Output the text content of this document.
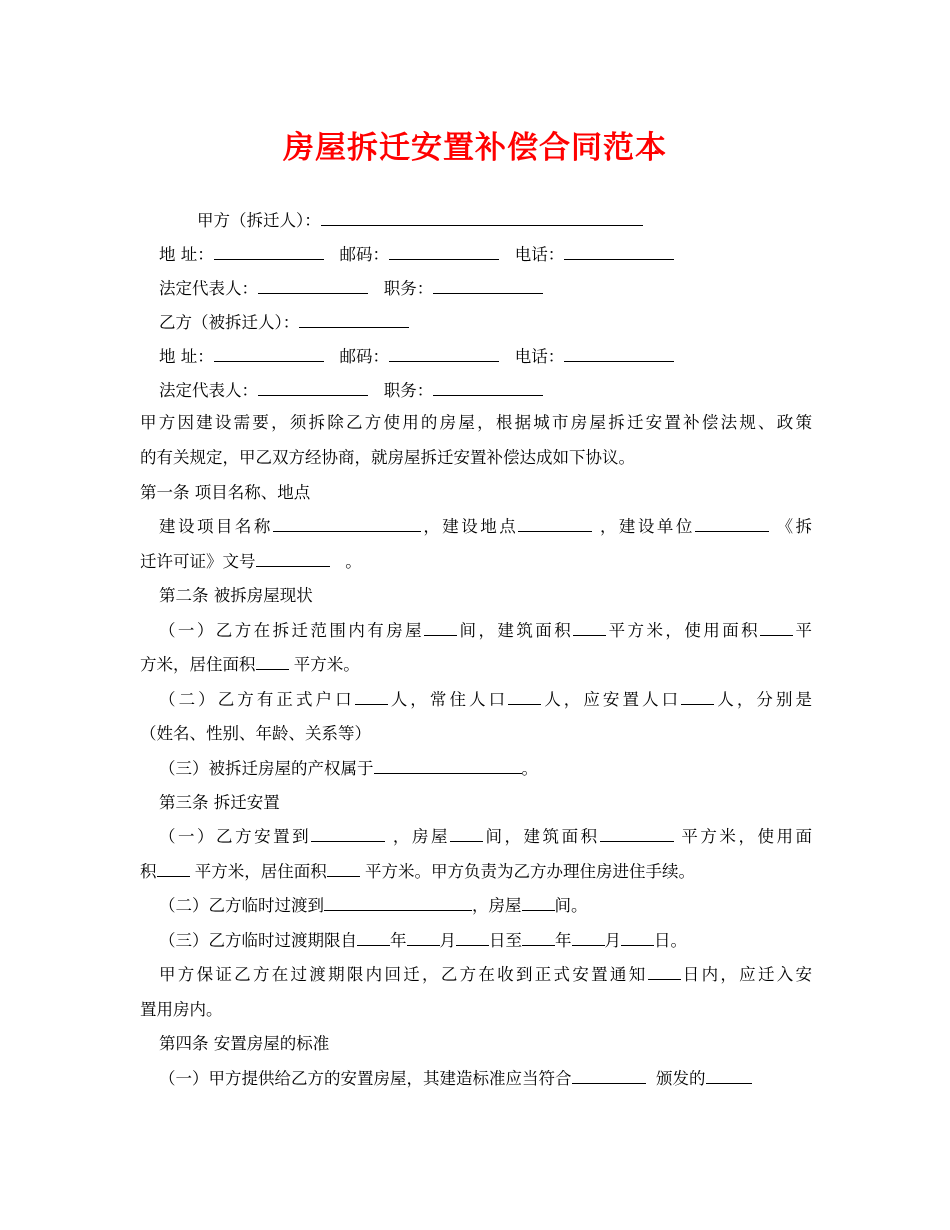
房屋拆迁安置补偿合同范本
甲方（拆迁人）：
地 址：	邮码：	电话：
法定代表人：	职务：
乙方（被拆迁人）：
地 址：	邮码：	电话：
法定代表人：	职务：
甲方因建设需要，须拆除乙方使用的房屋，根据城市房屋拆迁安置补偿法规、政策
的有关规定，甲乙双方经协商，就房屋拆迁安置补偿达成如下协议。
第一条 项目名称、地点
建设项目名称	，建设地点	，建设单位	《拆
迁许可证》文号	。
第二条 被拆房屋现状
（一）乙方在拆迁范围内有房屋 间，建筑面积 平方米，使用面积 平
方米，居住面积 平方米。
（二）乙方有正式户口 人，常住人口 人，应安置人口 人，分别是
（姓名、性别、年龄、关系等）
（三）被拆迁房屋的产权属于	。
第三条 拆迁安置
（一）乙方安置到	，房屋 间，建筑面积	平方米，使用面
积 平方米，居住面积 平方米。甲方负责为乙方办理住房进住手续。
（二）乙方临时过渡到	，房屋 间。
（三）乙方临时过渡期限自 年 月 日至 年 月 日。
甲方保证乙方在过渡期限内回迁，乙方在收到正式安置通知 日内，应迁入安
置用房内。
第四条 安置房屋的标准
（一）甲方提供给乙方的安置房屋，其建造标准应当符合	颁发的
